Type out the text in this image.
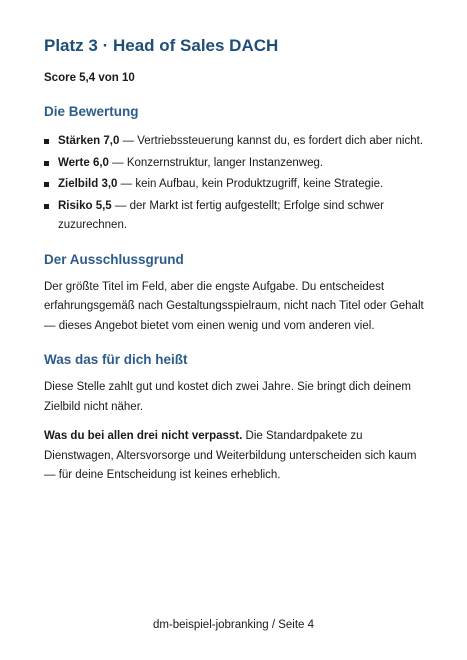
Platz 3 · Head of Sales DACH
Score 5,4 von 10
Die Bewertung
Stärken 7,0 — Vertriebssteuerung kannst du, es fordert dich aber nicht.
Werte 6,0 — Konzernstruktur, langer Instanzenweg.
Zielbild 3,0 — kein Aufbau, kein Produktzugriff, keine Strategie.
Risiko 5,5 — der Markt ist fertig aufgestellt; Erfolge sind schwer zuzurechnen.
Der Ausschlussgrund

Der größte Titel im Feld, aber die engste Aufgabe. Du entscheidest erfahrungsgemäß nach Gestaltungsspielraum, nicht nach Titel oder Gehalt — dieses Angebot bietet vom einen wenig und vom anderen viel.

Was das für dich heißt

Diese Stelle zahlt gut und kostet dich zwei Jahre. Sie bringt dich deinem Zielbild nicht näher.

Was du bei allen drei nicht verpasst. Die Standardpakete zu Dienstwagen, Altersvorsorge und Weiterbildung unterscheiden sich kaum — für deine Entscheidung ist keines erheblich.

dm-beispiel-jobranking / Seite 4
